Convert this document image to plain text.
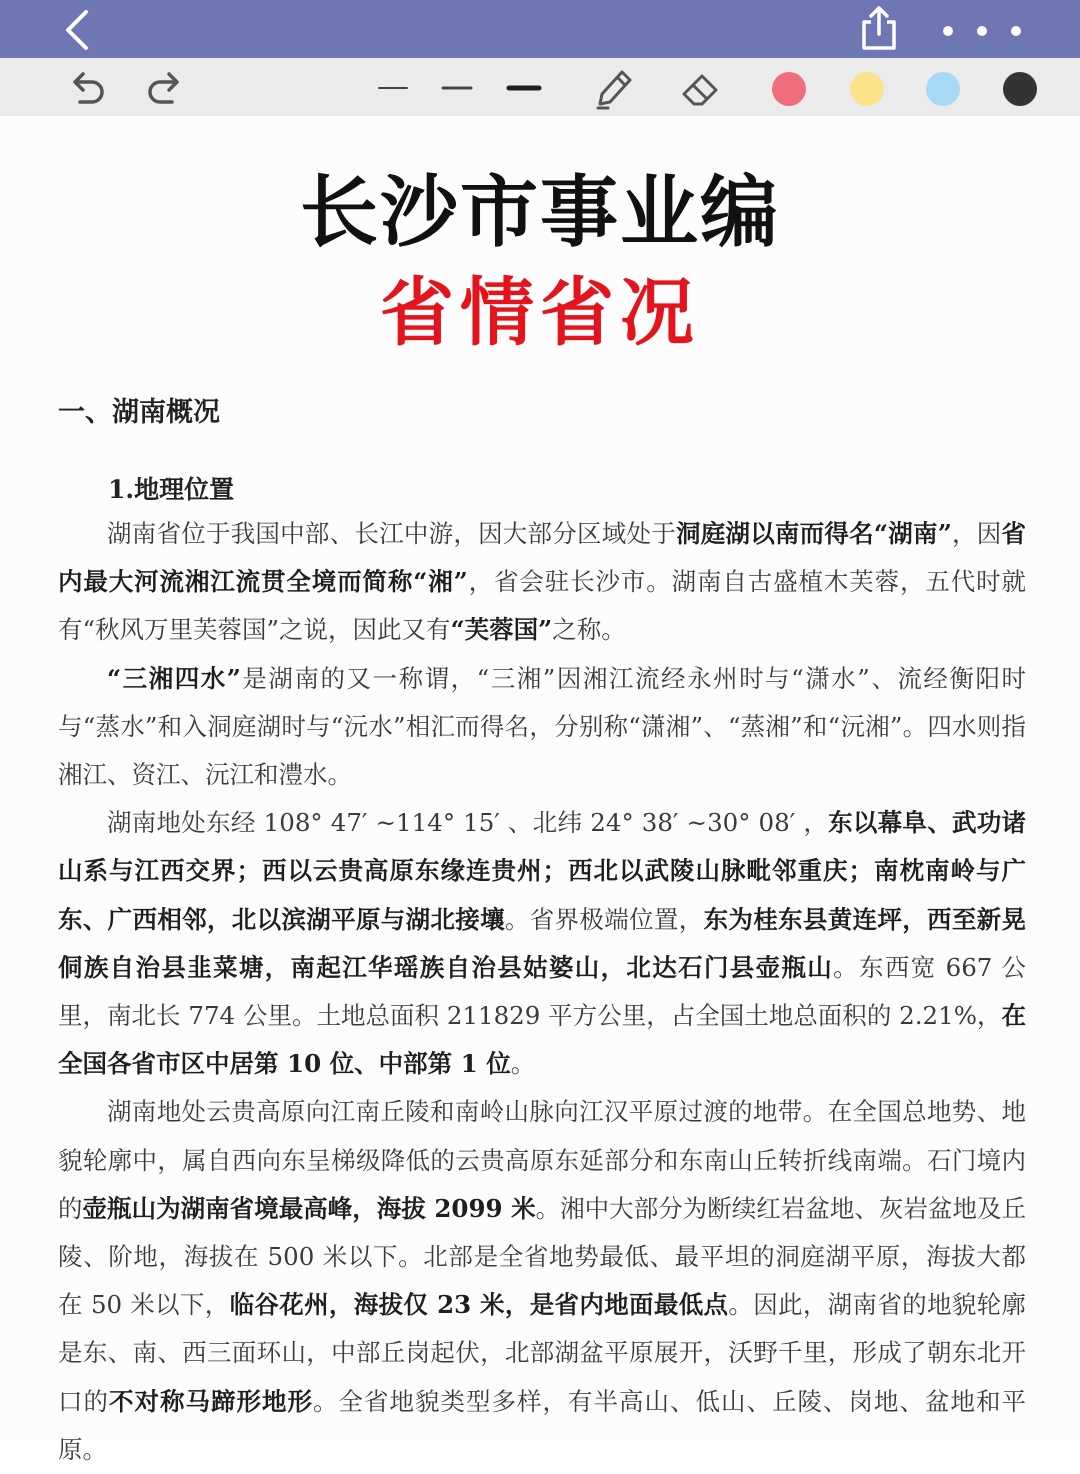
长沙市事业编
省情省况
一、湖南概况
1.地理位置

湖南省位于我国中部、长江中游，因大部分区域处于洞庭湖以南而得名“湖南”，因省内最大河流湘江流贯全境而简称“湘”，省会驻长沙市。湖南自古盛植木芙蓉，五代时就有“秋风万里芙蓉国”之说，因此又有“芙蓉国”之称。

“三湘四水”是湖南的又一称谓，“三湘”因湘江流经永州时与“潇水”、流经衡阳时与“蒸水”和入洞庭湖时与“沅水”相汇而得名，分别称“潇湘”、“蒸湘”和“沅湘”。四水则指湘江、资江、沅江和澧水。

湖南地处东经 108° 47′ ~114° 15′ 、北纬 24° 38′ ~30° 08′ ，东以幕阜、武功诸山系与江西交界；西以云贵高原东缘连贵州；西北以武陵山脉毗邻重庆；南枕南岭与广东、广西相邻，北以滨湖平原与湖北接壤。省界极端位置，东为桂东县黄连坪，西至新晃侗族自治县韭菜塘，南起江华瑶族自治县姑婆山，北达石门县壶瓶山。东西宽 667 公里，南北长 774 公里。土地总面积 211829 平方公里，占全国土地总面积的 2.21%，在全国各省市区中居第 10 位、中部第 1 位。

湖南地处云贵高原向江南丘陵和南岭山脉向江汉平原过渡的地带。在全国总地势、地貌轮廓中，属自西向东呈梯级降低的云贵高原东延部分和东南山丘转折线南端。石门境内的壶瓶山为湖南省境最高峰，海拔 2099 米。湘中大部分为断续红岩盆地、灰岩盆地及丘陵、阶地，海拔在 500 米以下。北部是全省地势最低、最平坦的洞庭湖平原，海拔大都在 50 米以下，临谷花州，海拔仅 23 米，是省内地面最低点。因此，湖南省的地貌轮廓是东、南、西三面环山，中部丘岗起伏，北部湖盆平原展开，沃野千里，形成了朝东北开口的不对称马蹄形地形。全省地貌类型多样，有半高山、低山、丘陵、岗地、盆地和平原。
